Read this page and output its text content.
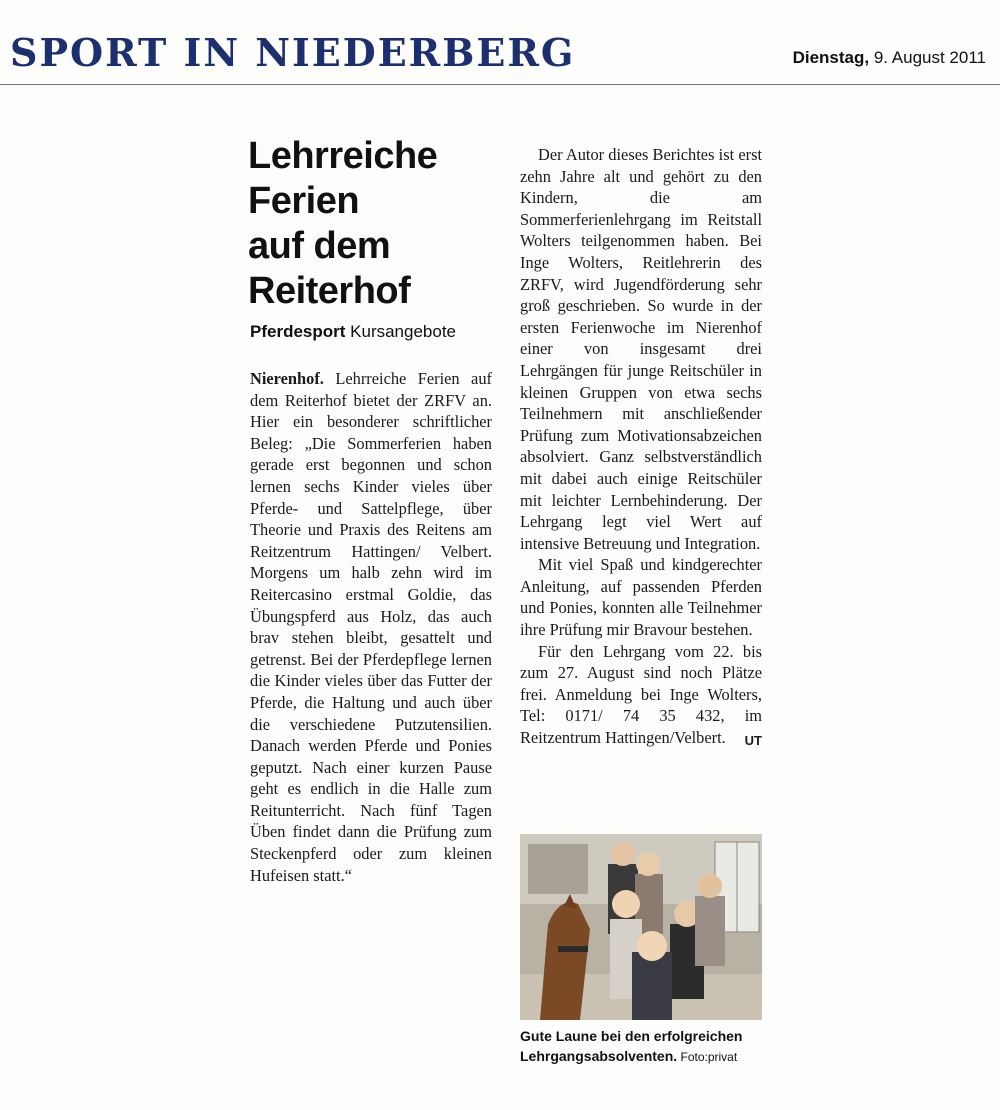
SPORT IN NIEDERBERG	Dienstag, 9. August 2011
Lehrreiche
Ferien
auf dem
Reiterhof
Pferdesport Kursangebote

Nierenhof. Lehrreiche Ferien auf dem Reiterhof bietet der ZRFV an. Hier ein besonderer schriftlicher Beleg: „Die Sommerferien haben gerade erst begonnen und schon lernen sechs Kinder vieles über Pferde- und Sattelpflege, über Theorie und Praxis des Reitens am Reitzentrum Hattingen/ Velbert. Morgens um halb zehn wird im Reitercasino erstmal Goldie, das Übungspferd aus Holz, das auch brav stehen bleibt, gesattelt und getrenst. Bei der Pferdepflege lernen die Kinder vieles über das Futter der Pferde, die Haltung und auch über die verschiedene Putzutensilien. Danach werden Pferde und Ponies geputzt. Nach einer kurzen Pause geht es endlich in die Halle zum Reitunterricht. Nach fünf Tagen Üben findet dann die Prüfung zum Steckenpferd oder zum kleinen Hufeisen statt.“

Der Autor dieses Berichtes ist erst zehn Jahre alt und gehört zu den Kindern, die am Sommerferienlehrgang im Reitstall Wolters teilgenommen haben. Bei Inge Wolters, Reitlehrerin des ZRFV, wird Jugendförderung sehr groß geschrieben. So wurde in der ersten Ferienwoche im Nierenhof einer von insgesamt drei Lehrgängen für junge Reitschüler in kleinen Gruppen von etwa sechs Teilnehmern mit anschließender Prüfung zum Motivationsabzeichen absolviert. Ganz selbstverständlich mit dabei auch einige Reitschüler mit leichter Lernbehinderung. Der Lehrgang legt viel Wert auf intensive Betreuung und Integration.

Mit viel Spaß und kindgerechter Anleitung, auf passenden Pferden und Ponies, konnten alle Teilnehmer ihre Prüfung mir Bravour bestehen.

Für den Lehrgang vom 22. bis zum 27. August sind noch Plätze frei. Anmeldung bei Inge Wolters, Tel: 0171/ 74 35 432, im Reitzentrum Hattingen/Velbert.	UT

Gute Laune bei den erfolgreichen Lehrgangsabsolventen. Foto:privat
